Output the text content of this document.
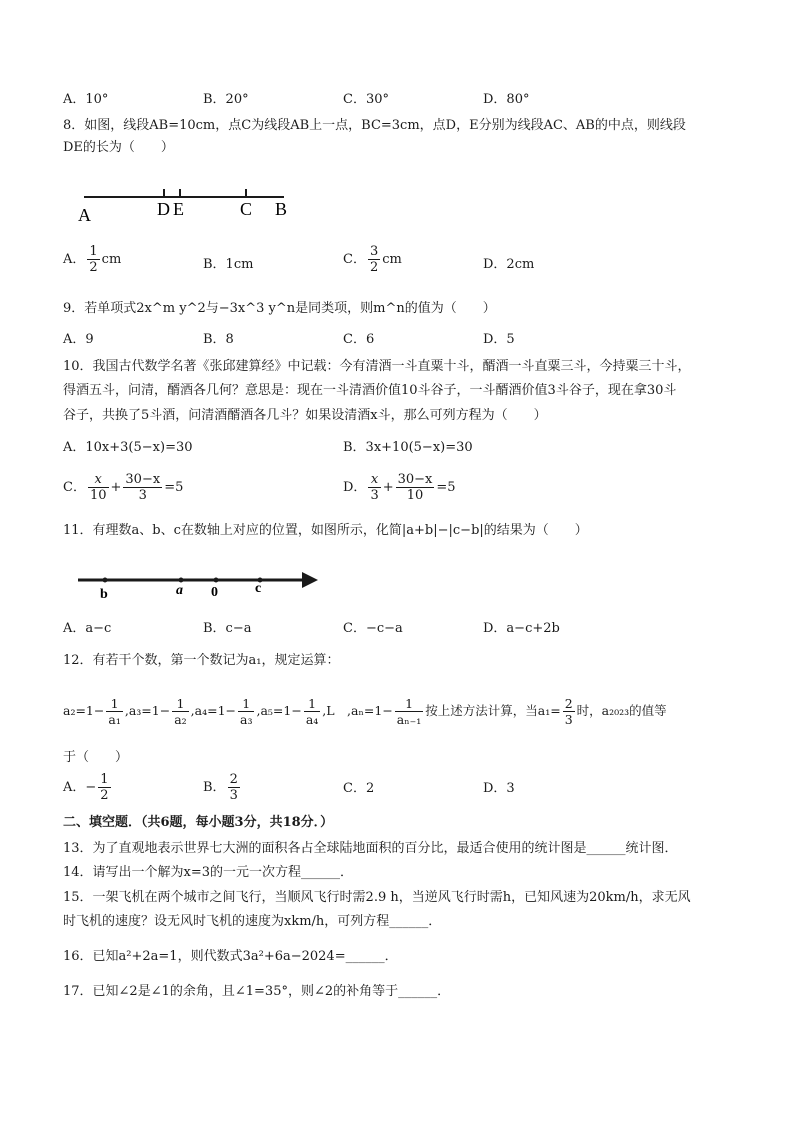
A．10°	B．20°	C．30°	D．80°
8．如图，线段AB=10cm，点C为线段AB上一点，BC=3cm，点D，E分别为线段AC、AB的中点，则线段
DE的长为（　　）
A	D E	C B
A． $\frac{1}{2}$ cm	B．1cm	C． $\frac{3}{2}$ cm	D．2cm
9．若单项式2x^m y^2与−3x^3 y^n是同类项，则m^n的值为（　　）
A．9	B．8	C．6	D．5
10．我国古代数学名著《张邱建算经》中记载：今有清酒一斗直粟十斗，醑酒一斗直粟三斗，今持粟三十斗，
得酒五斗，问清，醑酒各几何？意思是：现在一斗清酒价值10斗谷子，一斗醑酒价值3斗谷子，现在拿30斗
谷子，共换了5斗酒，问清酒醑酒各几斗？如果设清酒x斗，那么可列方程为（　　）
A．10x+3(5−x)=30	B．3x+10(5−x)=30
C． $\frac{x}{10} + \frac{30-x}{3} =5$	D． $\frac{x}{3} + \frac{30-x}{10} =5$
11．有理数a、b、c在数轴上对应的位置，如图所示，化简|a+b|−|c−b|的结果为（　　）
b	a 0	c
A．a−c	B．c−a	C．−c−a	D．a−c+2b
12．有若干个数，第一个数记为a₁，规定运算：
$a_2=1- \frac{1}{\text{a₁}} ,a_3=1- \frac{1}{\text{a₂}} ,a_4=1- \frac{1}{\text{a₃}} ,a_5=1- \frac{1}{\text{a₄}} ,L$　$,a_n=1- \frac{1}{\text{aₙ₋₁}}$ 按上述方法计算，当$a_1= \frac{2}{3}$ 时，a₂₀₂₃的值等
于（　　）
A．− $\frac{1}{2}$	B． $\frac{2}{3}$	C．2	D．3
二、填空题．（共6题，每小题3分，共18分．）
13．为了直观地表示世界七大洲的面积各占全球陆地面积的百分比，最适合使用的统计图是______统计图．
14．请写出一个解为x=3的一元一次方程______．
15．一架飞机在两个城市之间飞行，当顺风飞行时需2.9 h，当逆风飞行时需h，已知风速为20km/h，求无风
时飞机的速度？设无风时飞机的速度为xkm/h，可列方程______．
16．已知a²+2a=1，则代数式3a²+6a−2024=______．
17．已知∠2是∠1的余角，且∠1=35°，则∠2的补角等于______．
